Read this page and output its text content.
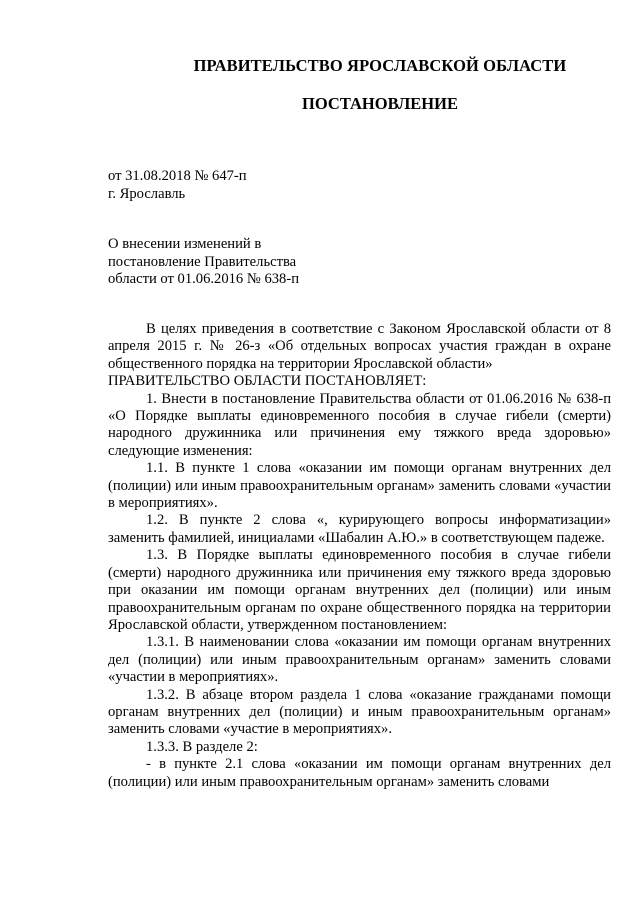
ПРАВИТЕЛЬСТВО ЯРОСЛАВСКОЙ ОБЛАСТИ
ПОСТАНОВЛЕНИЕ
от 31.08.2018 № 647-п
г. Ярославль
О внесении изменений в
постановление Правительства
области от 01.06.2016 № 638-п

В целях приведения в соответствие с Законом Ярославской области от 8 апреля 2015 г. № 26-з «Об отдельных вопросах участия граждан в охране общественного порядка на территории Ярославской области»

ПРАВИТЕЛЬСТВО ОБЛАСТИ ПОСТАНОВЛЯЕТ:

1. Внести в постановление Правительства области от 01.06.2016 № 638-п «О Порядке выплаты единовременного пособия в случае гибели (смерти) народного дружинника или причинения ему тяжкого вреда здоровью» следующие изменения:

1.1. В пункте 1 слова «оказании им помощи органам внутренних дел (полиции) или иным правоохранительным органам» заменить словами «участии в мероприятиях».

1.2. В пункте 2 слова «, курирующего вопросы информатизации» заменить фамилией, инициалами «Шабалин А.Ю.» в соответствующем падеже.

1.3. В Порядке выплаты единовременного пособия в случае гибели (смерти) народного дружинника или причинения ему тяжкого вреда здоровью при оказании им помощи органам внутренних дел (полиции) или иным правоохранительным органам по охране общественного порядка на территории Ярославской области, утвержденном постановлением:

1.3.1. В наименовании слова «оказании им помощи органам внутренних дел (полиции) или иным правоохранительным органам» заменить словами «участии в мероприятиях».

1.3.2. В абзаце втором раздела 1 слова «оказание гражданами помощи органам внутренних дел (полиции) и иным правоохранительным органам» заменить словами «участие в мероприятиях».

1.3.3. В разделе 2:

- в пункте 2.1 слова «оказании им помощи органам внутренних дел (полиции) или иным правоохранительным органам» заменить словами
